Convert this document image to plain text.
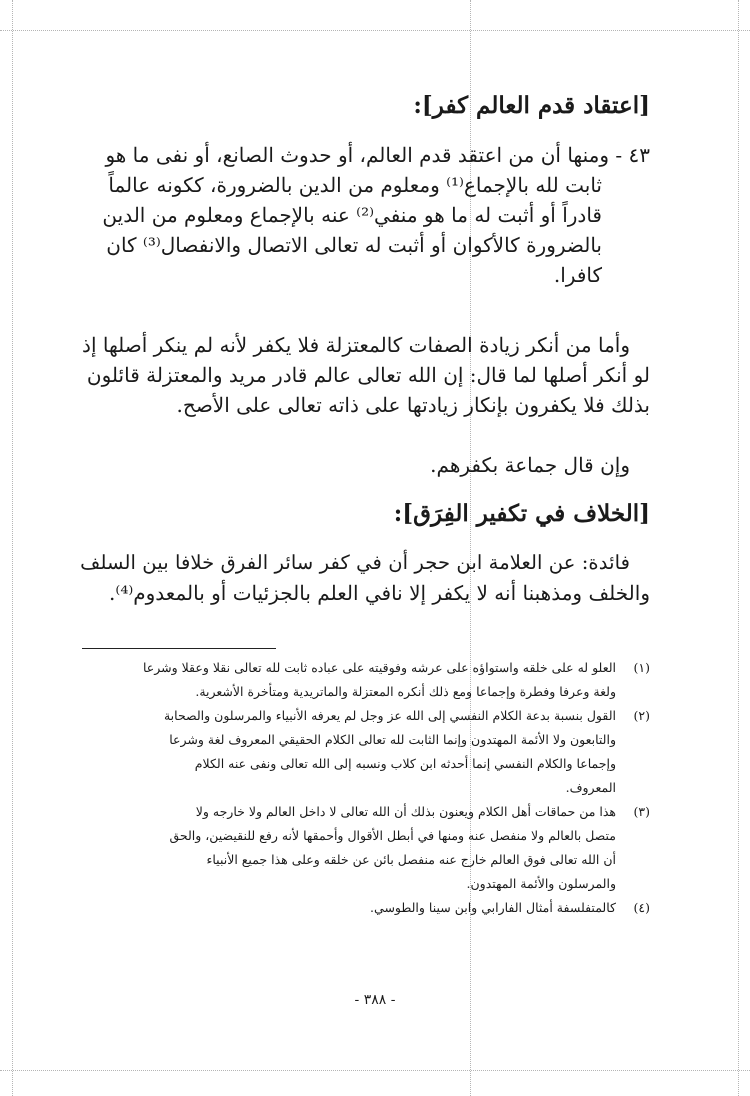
[اعتقاد قدم العالم كفر]:
٤٣ - ومنها أن من اعتقد قدم العالم، أو حدوث الصانع، أو نفى ما هو
ثابت لله بالإجماع⁽¹⁾ ومعلوم من الدين بالضرورة، ككونه عالماً
قادراً أو أثبت له ما هو منفي⁽²⁾ عنه بالإجماع ومعلوم من الدين
بالضرورة كالأكوان أو أثبت له تعالى الاتصال والانفصال⁽³⁾ كان
كافرا.
وأما من أنكر زيادة الصفات كالمعتزلة فلا يكفر لأنه لم ينكر أصلها إذ
لو أنكر أصلها لما قال: إن الله تعالى عالم قادر مريد والمعتزلة قائلون
بذلك فلا يكفرون بإنكار زيادتها على ذاته تعالى على الأصح.
وإن قال جماعة بكفرهم.
[الخلاف في تكفير الفِرَق]:
فائدة: عن العلامة ابن حجر أن في كفر سائر الفرق خلافا بين السلف
والخلف ومذهبنا أنه لا يكفر إلا نافي العلم بالجزئيات أو بالمعدوم⁽⁴⁾.
(١)العلو له على خلقه واستواؤه على عرشه وفوقيته على عباده ثابت لله تعالى نقلا وعقلا وشرعا
ولغة وعرفا وفطرة وإجماعا ومع ذلك أنكره المعتزلة والماتريدية ومتأخرة الأشعرية.
(٢)القول بنسبة بدعة الكلام النفسي إلى الله عز وجل لم يعرفه الأنبياء والمرسلون والصحابة
والتابعون ولا الأئمة المهتدون وإنما الثابت لله تعالى الكلام الحقيقي المعروف لغة وشرعا
وإجماعا والكلام النفسي إنما أحدثه ابن كلاب ونسبه إلى الله تعالى ونفى عنه الكلام
المعروف.
(٣)هذا من حماقات أهل الكلام ويعنون بذلك أن الله تعالى لا داخل العالم ولا خارجه ولا
متصل بالعالم ولا منفصل عنه ومنها في أبطل الأقوال وأحمقها لأنه رفع للنقيضين، والحق
أن الله تعالى فوق العالم خارج عنه منفصل بائن عن خلقه وعلى هذا جميع الأنبياء
والمرسلون والأئمة المهتدون.
(٤)كالمتفلسفة أمثال الفارابي وابن سينا والطوسي.
- ٣٨٨ -
